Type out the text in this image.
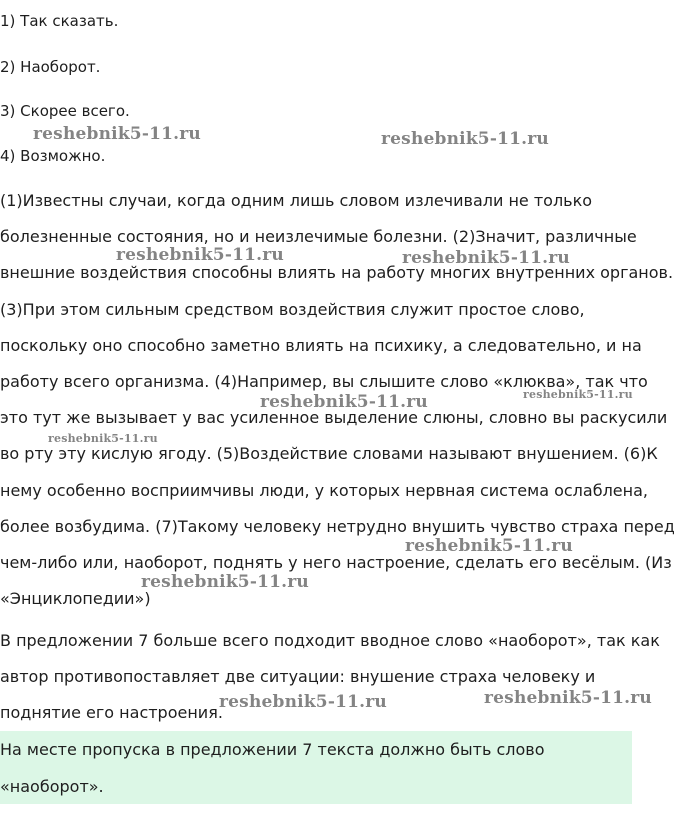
1) Так сказать.
2) Наоборот.
3) Скорее всего.
4) Возможно.
(1)Известны случаи, когда одним лишь словом излечивали не только
болезненные состояния, но и неизлечимые болезни. (2)Значит, различные
внешние воздействия способны влиять на работу многих внутренних органов.
(3)При этом сильным средством воздействия служит простое слово,
поскольку оно способно заметно влиять на психику, а следовательно, и на
работу всего организма. (4)Например, вы слышите слово «клюква», так что
это тут же вызывает у вас усиленное выделение слюны, словно вы раскусили
во рту эту кислую ягоду. (5)Воздействие словами называют внушением. (6)К
нему особенно восприимчивы люди, у которых нервная система ослаблена,
более возбудима. (7)Такому человеку нетрудно внушить чувство страха перед
чем-либо или, наоборот, поднять у него настроение, сделать его весёлым. (Из
«Энциклопедии»)
В предложении 7 больше всего подходит вводное слово «наоборот», так как
автор противопоставляет две ситуации: внушение страха человеку и
поднятие его настроения.
На месте пропуска в предложении 7 текста должно быть слово
«наоборот».
reshebnik5-11.ru	reshebnik5-11.ru
reshebnik5-11.ru	reshebnik5-11.ru
reshebnik5-11.ru	reshebnik5-11.ru
reshebnik5-11.ru
reshebnik5-11.ru
reshebnik5-11.ru
reshebnik5-11.ru	reshebnik5-11.ru
